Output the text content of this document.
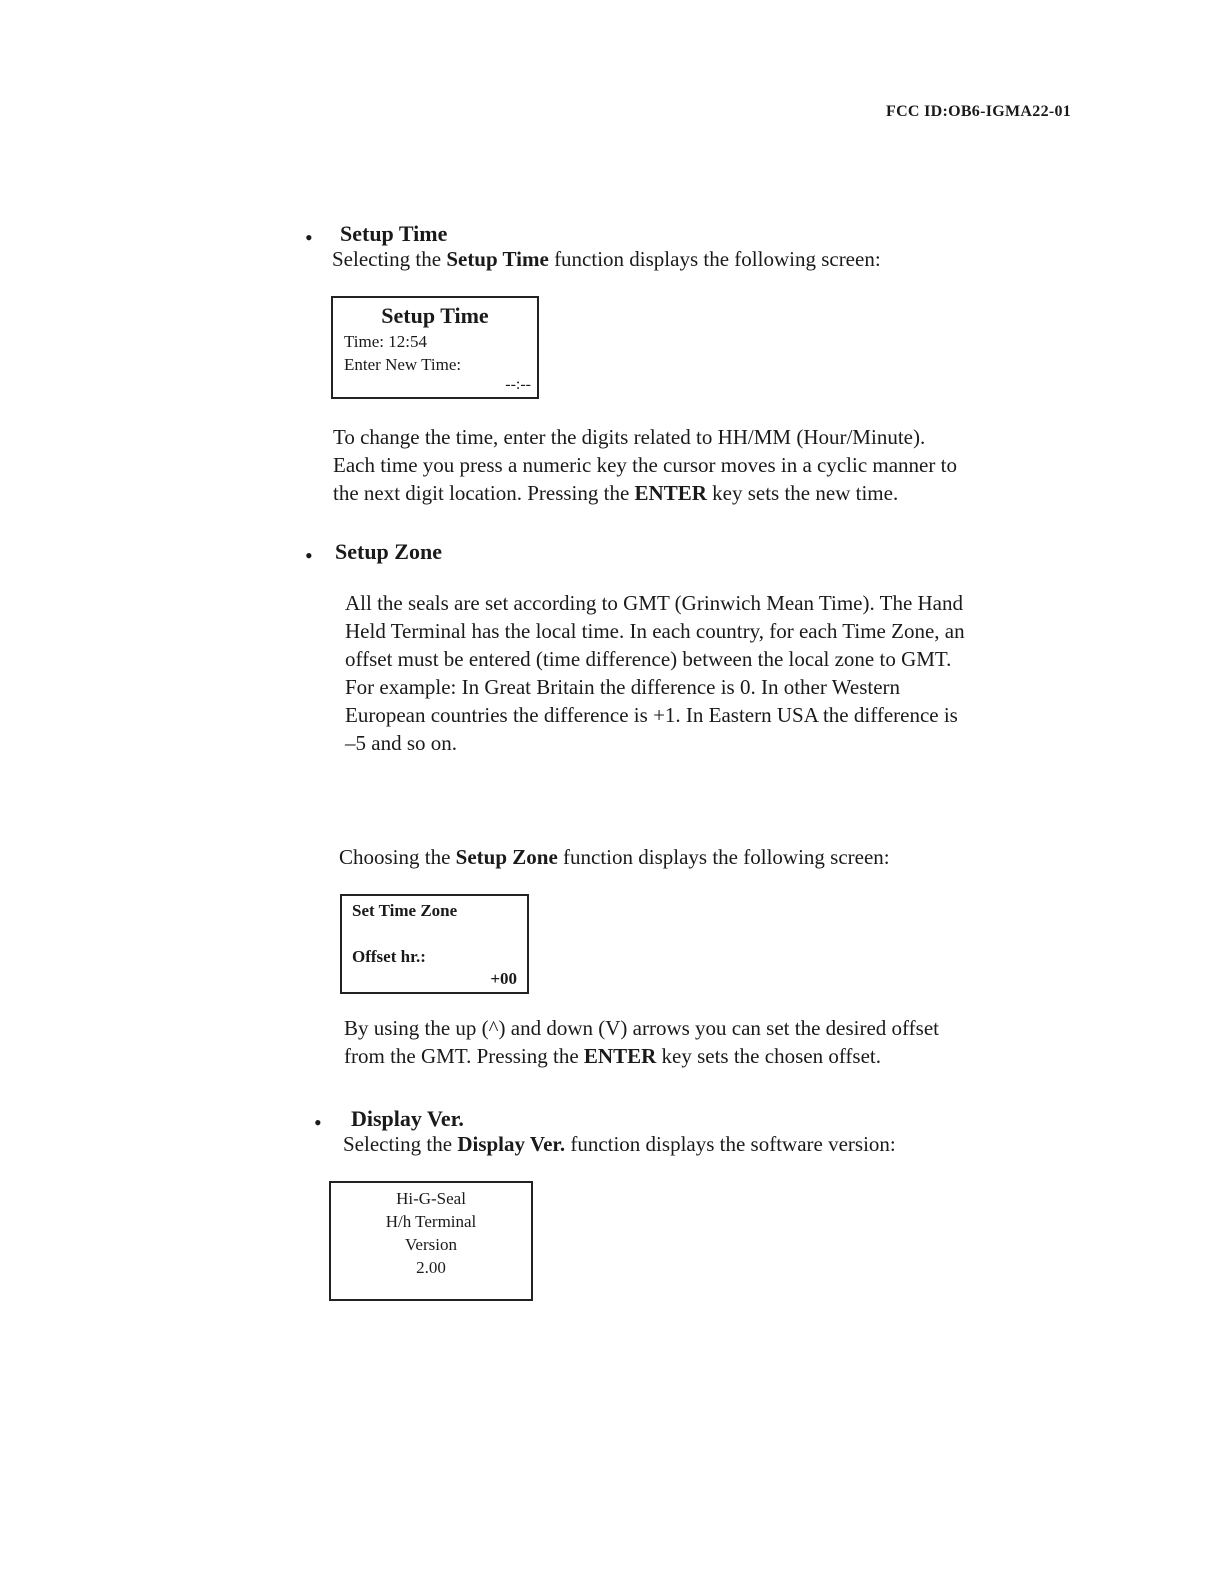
FCC ID:OB6-IGMA22-01
• Setup Time
Selecting the Setup Time function displays the following screen:
Setup Time
Time: 12:54
Enter New Time:
--:--
To change the time, enter the digits related to HH/MM (Hour/Minute).
Each time you press a numeric key the cursor moves in a cyclic manner to
the next digit location. Pressing the ENTER key sets the new time.
• Setup Zone
All the seals are set according to GMT (Grinwich Mean Time). The Hand
Held Terminal has the local time. In each country, for each Time Zone, an
offset must be entered (time difference) between the local zone to GMT.
For example: In Great Britain the difference is 0. In other Western
European countries the difference is +1. In Eastern USA the difference is
–5 and so on.
Choosing the Setup Zone function displays the following screen:
Set Time Zone
Offset hr.:
+00
By using the up (^) and down (V) arrows you can set the desired offset
from the GMT. Pressing the ENTER key sets the chosen offset.
• Display Ver.
Selecting the Display Ver. function displays the software version:
Hi-G-Seal
H/h Terminal
Version
2.00
